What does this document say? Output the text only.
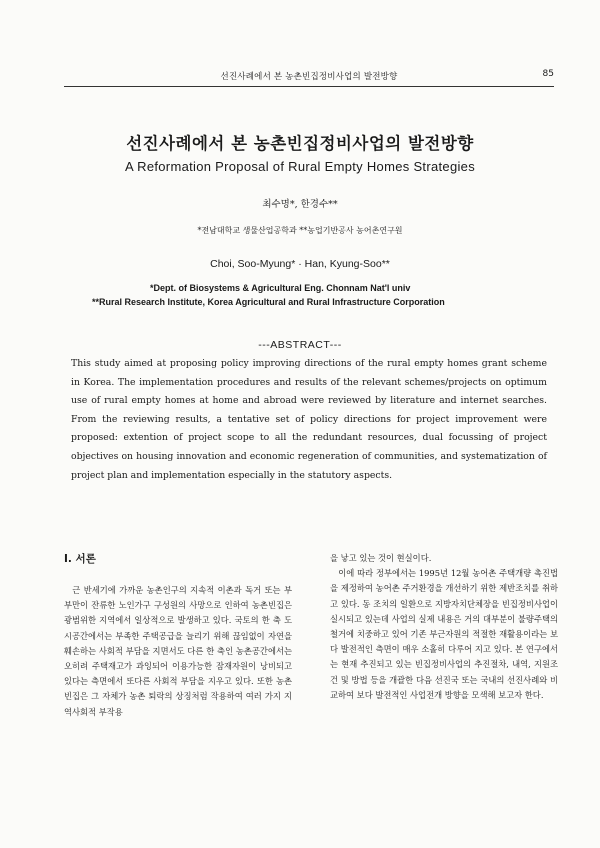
선진사례에서 본 농촌빈집정비사업의 발전방향	85
선진사례에서 본 농촌빈집정비사업의 발전방향
A Reformation Proposal of Rural Empty Homes Strategies
최수명*, 한경수**
*전남대학교 생물산업공학과 **농업기반공사 농어촌연구원
Choi, Soo-Myung* · Han, Kyung-Soo**
*Dept. of Biosystems & Agricultural Eng. Chonnam Nat'l univ
**Rural Research Institute, Korea Agricultural and Rural Infrastructure Corporation
---ABSTRACT---
This study aimed at proposing policy improving directions of the rural empty homes grant scheme in Korea. The implementation procedures and results of the relevant schemes/projects on optimum use of rural empty homes at home and abroad were reviewed by literature and internet searches. From the reviewing results, a tentative set of policy directions for project improvement were proposed: extention of project scope to all the redundant resources, dual focussing of project objectives on housing innovation and economic regeneration of communities, and systematization of project plan and implementation especially in the statutory aspects.
Ⅰ. 서론

근 반세기에 가까운 농촌인구의 지속적 이촌과 독거 또는 부부만이 잔류한 노인가구 구성원의 사망으로 인하여 농촌빈집은 광범위한 지역에서 일상적으로 발생하고 있다. 국토의 한 축 도시공간에서는 부족한 주택공급을 늘리기 위해 끊임없이 자연을 훼손하는 사회적 부담을 지면서도 다른 한 축인 농촌공간에서는 오히려 주택재고가 과잉되어 이용가능한 잠재자원이 낭비되고 있다는 측면에서 또다른 사회적 부담을 지우고 있다. 또한 농촌빈집은 그 자체가 농촌 퇴락의 상징처럼 작용하여 여러 가지 지역사회적 부작용

을 낳고 있는 것이 현실이다.

이에 따라 정부에서는 1995년 12월 농어촌 주택개량 촉진법을 제정하여 농어촌 주거환경을 개선하기 위한 제반조치를 취하고 있다. 동 조치의 일환으로 지방자치단체장을 빈집정비사업이 실시되고 있는데 사업의 실제 내용은 거의 대부분이 불량주택의 철거에 치중하고 있어 기존 부근자원의 적절한 재활용이라는 보다 발전적인 측면이 매우 소홀히 다루어 지고 있다. 본 연구에서는 현재 추진되고 있는 빈집정비사업의 추진절차, 내역, 지원조건 및 방법 등을 개괄한 다음 선진국 또는 국내의 선진사례와 비교하여 보다 발전적인 사업전개 방향을 모색해 보고자 한다.
